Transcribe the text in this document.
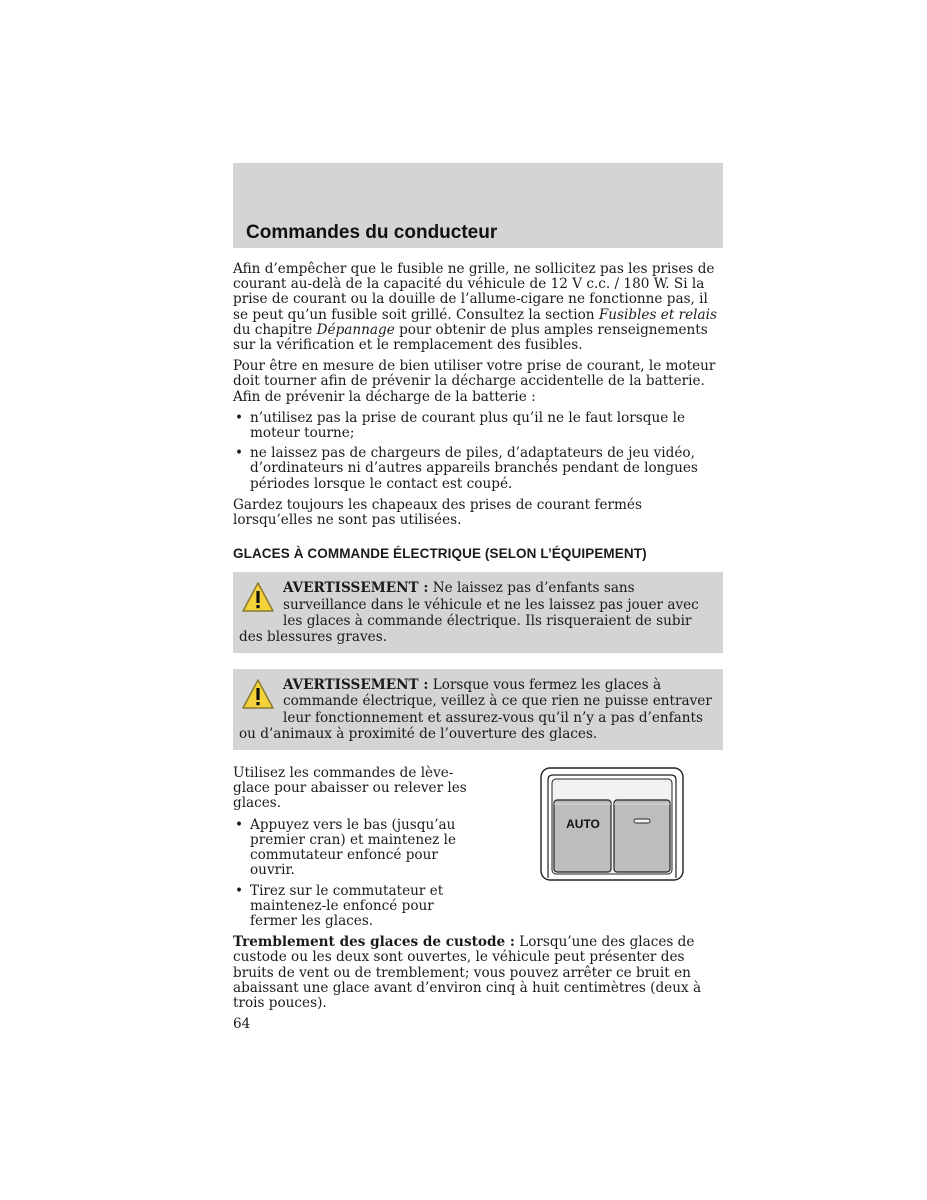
Commandes du conducteur

Afin d’empêcher que le fusible ne grille, ne sollicitez pas les prises de courant au-delà de la capacité du véhicule de 12 V c.c. / 180 W. Si la prise de courant ou la douille de l’allume-cigare ne fonctionne pas, il se peut qu’un fusible soit grillé. Consultez la section Fusibles et relais du chapitre Dépannage pour obtenir de plus amples renseignements sur la vérification et le remplacement des fusibles.

Pour être en mesure de bien utiliser votre prise de courant, le moteur doit tourner afin de prévenir la décharge accidentelle de la batterie. Afin de prévenir la décharge de la batterie :

• n’utilisez pas la prise de courant plus qu’il ne le faut lorsque le moteur tourne;
• ne laissez pas de chargeurs de piles, d’adaptateurs de jeu vidéo, d’ordinateurs ni d’autres appareils branchés pendant de longues périodes lorsque le contact est coupé.

Gardez toujours les chapeaux des prises de courant fermés lorsqu’elles ne sont pas utilisées.

GLACES À COMMANDE ÉLECTRIQUE (SELON L’ÉQUIPEMENT)
AVERTISSEMENT : Ne laissez pas d’enfants sans surveillance dans le véhicule et ne les laissez pas jouer avec les glaces à commande électrique. Ils risqueraient de subir des blessures graves.
AVERTISSEMENT : Lorsque vous fermez les glaces à commande électrique, veillez à ce que rien ne puisse entraver leur fonctionnement et assurez-vous qu’il n’y a pas d’enfants ou d’animaux à proximité de l’ouverture des glaces.

Utilisez les commandes de lève-glace pour abaisser ou relever les glaces.

• Appuyez vers le bas (jusqu’au premier cran) et maintenez le commutateur enfoncé pour ouvrir.
• Tirez sur le commutateur et maintenez-le enfoncé pour fermer les glaces.
AUTO

Tremblement des glaces de custode : Lorsqu’une des glaces de custode ou les deux sont ouvertes, le véhicule peut présenter des bruits de vent ou de tremblement; vous pouvez arrêter ce bruit en abaissant une glace avant d’environ cinq à huit centimètres (deux à trois pouces).

64
